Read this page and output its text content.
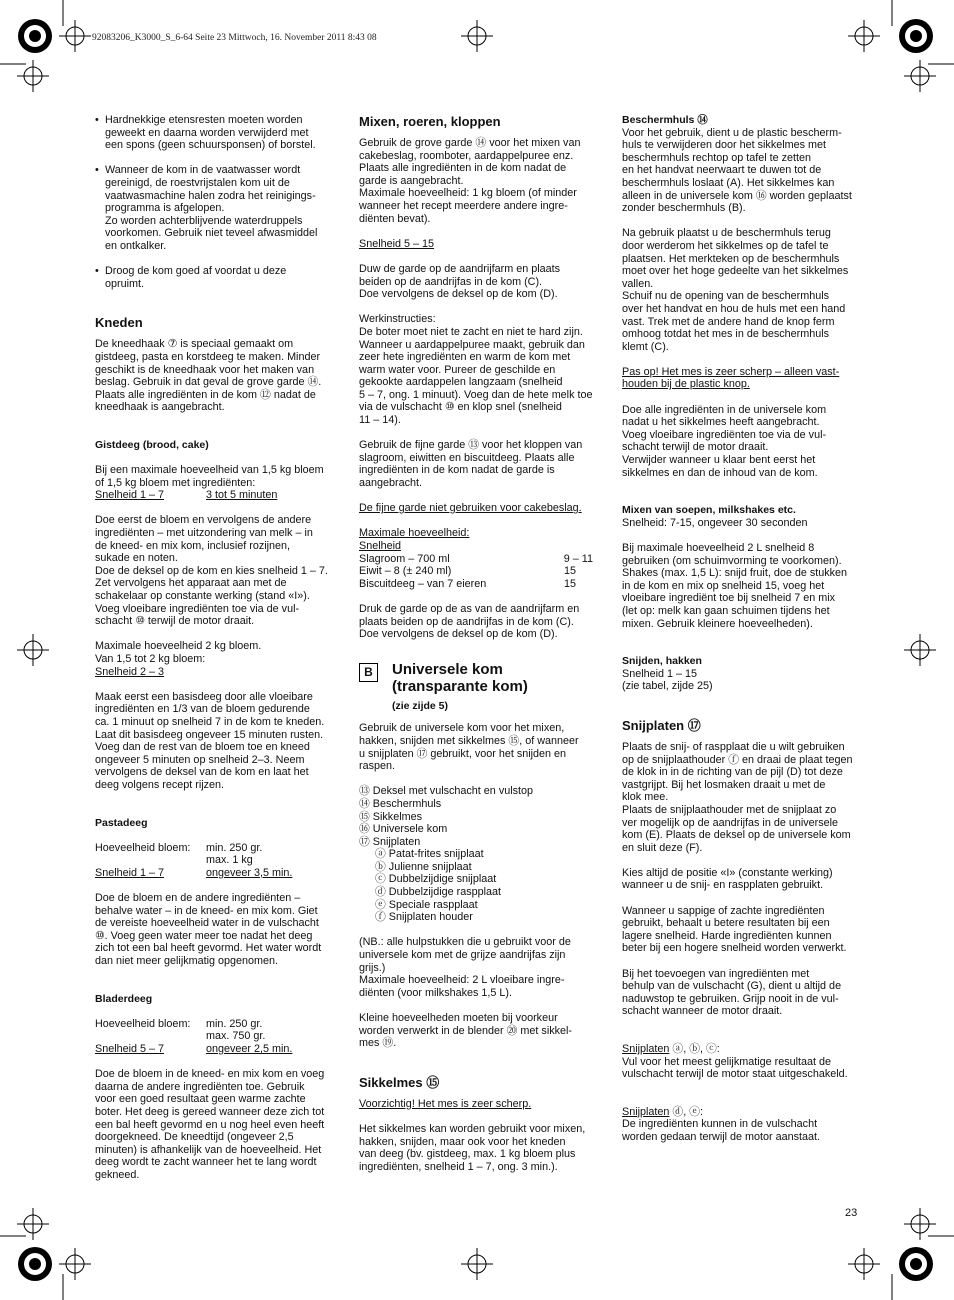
92083206_K3000_S_6-64 Seite 23 Mittwoch, 16. November 2011 8:43 08
• Hardnekkige etensresten moeten worden
geweekt en daarna worden verwijderd met
een spons (geen schuursponsen) of borstel.
• Wanneer de kom in de vaatwasser wordt
gereinigd, de roestvrijstalen kom uit de
vaatwasmachine halen zodra het reinigings-
programma is afgelopen.
Zo worden achterblijvende waterdruppels
voorkomen. Gebruik niet teveel afwasmiddel
en ontkalker.
• Droog de kom goed af voordat u deze
opruimt.
Kneden

De kneedhaak ⑦ is speciaal gemaakt om
gistdeeg, pasta en korstdeeg te maken. Minder
geschikt is de kneedhaak voor het maken van
beslag. Gebruik in dat geval de grove garde ⑭.
Plaats alle ingrediënten in de kom ⑫ nadat de
kneedhaak is aangebracht.

Gistdeeg (brood, cake)

Bij een maximale hoeveelheid van 1,5 kg bloem
of 1,5 kg bloem met ingrediënten:

Snelheid 1 – 7	3 tot 5 minuten

Doe eerst de bloem en vervolgens de andere
ingrediënten – met uitzondering van melk – in
de kneed- en mix kom, inclusief rozijnen,
sukade en noten.
Doe de deksel op de kom en kies snelheid 1 – 7.
Zet vervolgens het apparaat aan met de
schakelaar op constante werking (stand «I»).
Voeg vloeibare ingrediënten toe via de vul-
schacht ⑩ terwijl de motor draait.

Maximale hoeveelheid 2 kg bloem.
Van 1,5 tot 2 kg bloem:

Snelheid 2 – 3

Maak eerst een basisdeeg door alle vloeibare
ingrediënten en 1/3 van de bloem gedurende
ca. 1 minuut op snelheid 7 in de kom te kneden.
Laat dit basisdeeg ongeveer 15 minuten rusten.
Voeg dan de rest van de bloem toe en kneed
ongeveer 5 minuten op snelheid 2–3. Neem
vervolgens de deksel van de kom en laat het
deeg volgens recept rijzen.

Pastadeeg
Hoeveelheid bloem:	min. 250 gr.
max. 1 kg
Snelheid 1 – 7	ongeveer 3,5 min.

Doe de bloem en de andere ingrediënten –
behalve water – in de kneed- en mix kom. Giet
de vereiste hoeveelheid water in de vulschacht
⑩. Voeg geen water meer toe nadat het deeg
zich tot een bal heeft gevormd. Het water wordt
dan niet meer gelijkmatig opgenomen.

Bladerdeeg
Hoeveelheid bloem:	min. 250 gr.
max. 750 gr.
Snelheid 5 – 7	ongeveer 2,5 min.

Doe de bloem in de kneed- en mix kom en voeg
daarna de andere ingrediënten toe. Gebruik
voor een goed resultaat geen warme zachte
boter. Het deeg is gereed wanneer deze zich tot
een bal heeft gevormd en u nog heel even heeft
doorgekneed. De kneedtijd (ongeveer 2,5
minuten) is afhankelijk van de hoeveelheid. Het
deeg wordt te zacht wanneer het te lang wordt
gekneed.

Mixen, roeren, kloppen

Gebruik de grove garde ⑭ voor het mixen van
cakebeslag, roomboter, aardappelpuree enz.
Plaats alle ingrediënten in de kom nadat de
garde is aangebracht.
Maximale hoeveelheid: 1 kg bloem (of minder
wanneer het recept meerdere andere ingre-
diënten bevat).

Snelheid 5 – 15

Duw de garde op de aandrijfarm en plaats
beiden op de aandrijfas in de kom (C).
Doe vervolgens de deksel op de kom (D).

Werkinstructies:
De boter moet niet te zacht en niet te hard zijn.
Wanneer u aardappelpuree maakt, gebruik dan
zeer hete ingrediënten en warm de kom met
warm water voor. Pureer de geschilde en
gekookte aardappelen langzaam (snelheid
5 – 7, ong. 1 minuut). Voeg dan de hete melk toe
via de vulschacht ⑩ en klop snel (snelheid
11 – 14).

Gebruik de fijne garde ⑬ voor het kloppen van
slagroom, eiwitten en biscuitdeeg. Plaats alle
ingrediënten in de kom nadat de garde is
aangebracht.

De fijne garde niet gebruiken voor cakebeslag.

Maximale hoeveelheid:

Snelheid

Slagroom – 700 ml	9 – 11
Eiwit – 8 (± 240 ml)	15
Biscuitdeeg – van 7 eieren	15

Druk de garde op de as van de aandrijfarm en
plaats beiden op de aandrijfas in de kom (C).
Doe vervolgens de deksel op de kom (D).

B	Universele kom
(transparante kom)
(zie zijde 5)

Gebruik de universele kom voor het mixen,
hakken, snijden met sikkelmes ⑮, of wanneer
u snijplaten ⑰ gebruikt, voor het snijden en
raspen.

⑬ Deksel met vulschacht en vulstop

⑭ Beschermhuls

⑮ Sikkelmes

⑯ Universele kom

⑰ Snijplaten

ⓐ Patat-frites snijplaat

ⓑ Julienne snijplaat

ⓒ Dubbelzijdige snijplaat

ⓓ Dubbelzijdige raspplaat

ⓔ Speciale raspplaat

ⓕ Snijplaten houder

(NB.: alle hulpstukken die u gebruikt voor de
universele kom met de grijze aandrijfas zijn
grijs.)
Maximale hoeveelheid: 2 L vloeibare ingre-
diënten (voor milkshakes 1,5 L).

Kleine hoeveelheden moeten bij voorkeur
worden verwerkt in de blender ⑳ met sikkel-
mes ⑲.

Sikkelmes ⑮

Voorzichtig! Het mes is zeer scherp.

Het sikkelmes kan worden gebruikt voor mixen,
hakken, snijden, maar ook voor het kneden
van deeg (bv. gistdeeg, max. 1 kg bloem plus
ingrediënten, snelheid 1 – 7, ong. 3 min.).

Beschermhuls ⑭

Voor het gebruik, dient u de plastic bescherm-
huls te verwijderen door het sikkelmes met
beschermhuls rechtop op tafel te zetten
en het handvat neerwaart te duwen tot de
beschermhuls loslaat (A). Het sikkelmes kan
alleen in de universele kom ⑯ worden geplaatst
zonder beschermhuls (B).

Na gebruik plaatst u de beschermhuls terug
door werderom het sikkelmes op de tafel te
plaatsen. Het merkteken op de beschermhuls
moet over het hoge gedeelte van het sikkelmes
vallen.
Schuif nu de opening van de beschermhuls
over het handvat en hou de huls met een hand
vast. Trek met de andere hand de knop ferm
omhoog totdat het mes in de beschermhuls
klemt (C).

Pas op! Het mes is zeer scherp – alleen vast-
houden bij de plastic knop.

Doe alle ingrediënten in de universele kom
nadat u het sikkelmes heeft aangebracht.
Voeg vloeibare ingrediënten toe via de vul-
schacht terwijl de motor draait.
Verwijder wanneer u klaar bent eerst het
sikkelmes en dan de inhoud van de kom.

Mixen van soepen, milkshakes etc.

Snelheid: 7-15, ongeveer 30 seconden

Bij maximale hoeveelheid 2 L snelheid 8
gebruiken (om schuimvorming te voorkomen).
Shakes (max. 1,5 L): snijd fruit, doe de stukken
in de kom en mix op snelheid 15, voeg het
vloeibare ingrediënt toe bij snelheid 7 en mix
(let op: melk kan gaan schuimen tijdens het
mixen. Gebruik kleinere hoeveelheden).

Snijden, hakken

Snelheid 1 – 15
(zie tabel, zijde 25)

Snijplaten ⑰

Plaats de snij- of raspplaat die u wilt gebruiken
op de snijplaathouder ⓕ en draai de plaat tegen
de klok in in de richting van de pijl (D) tot deze
vastgrijpt. Bij het losmaken draait u met de
klok mee.
Plaats de snijplaathouder met de snijplaat zo
ver mogelijk op de aandrijfas in de universele
kom (E). Plaats de deksel op de universele kom
en sluit deze (F).

Kies altijd de positie «I» (constante werking)
wanneer u de snij- en raspplaten gebruikt.

Wanneer u sappige of zachte ingrediënten
gebruikt, behaalt u betere resultaten bij een
lagere snelheid. Harde ingrediënten kunnen
beter bij een hogere snelheid worden verwerkt.

Bij het toevoegen van ingrediënten met
behulp van de vulschacht (G), dient u altijd de
naduwstop te gebruiken. Grijp nooit in de vul-
schacht wanneer de motor draait.

Snijplaten ⓐ, ⓑ, ⓒ:

Vul voor het meest gelijkmatige resultaat de
vulschacht terwijl de motor staat uitgeschakeld.

Snijplaten ⓓ, ⓔ:

De ingrediënten kunnen in de vulschacht
worden gedaan terwijl de motor aanstaat.

23
